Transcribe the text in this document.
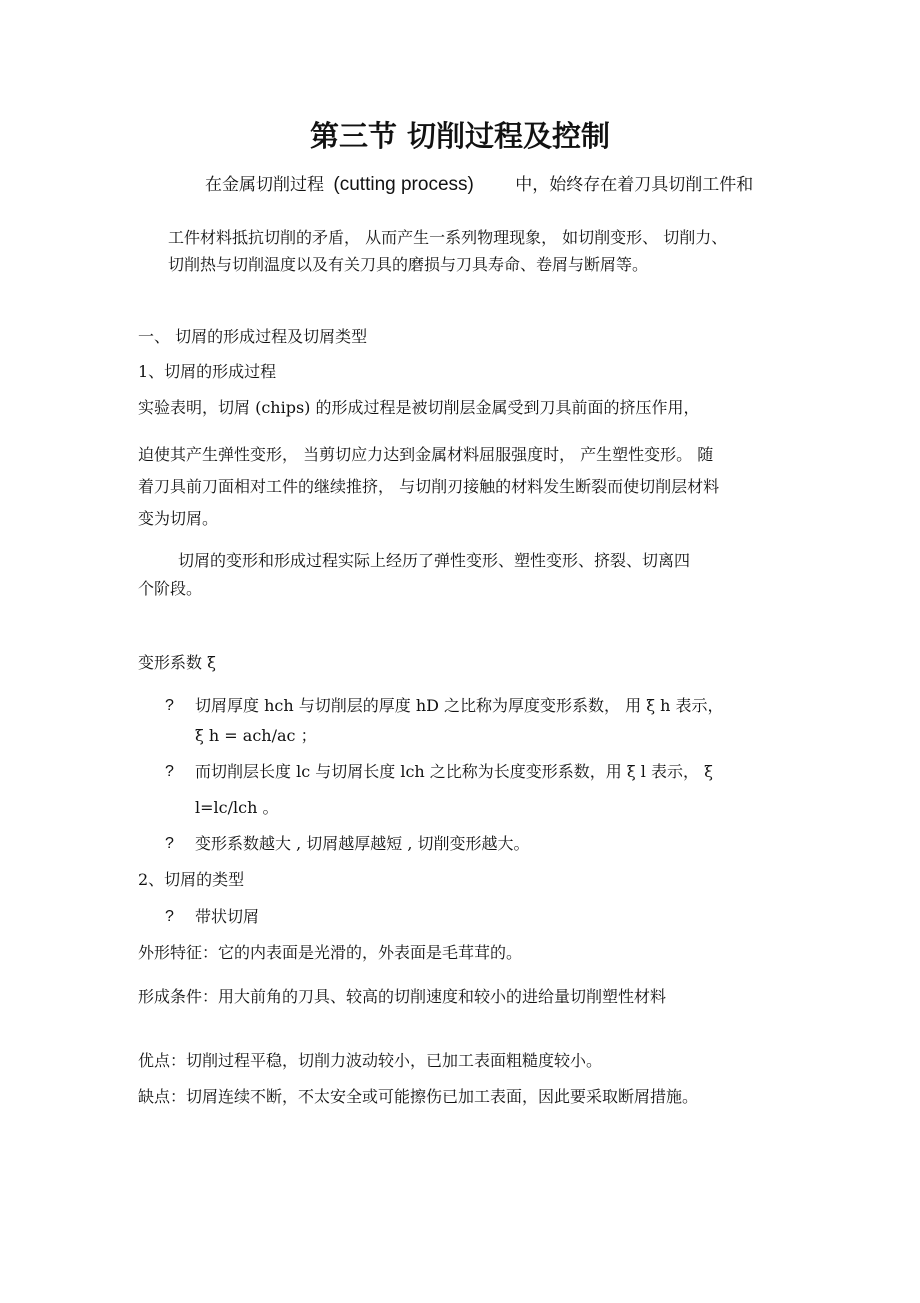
第三节 切削过程及控制

在金属切削过程 (cutting process) 中，始终存在着刀具切削工件和

工件材料抵抗切削的矛盾， 从而产生一系列物理现象， 如切削变形、 切削力、

切削热与切削温度以及有关刀具的磨损与刀具寿命、卷屑与断屑等。

一、 切屑的形成过程及切屑类型

1、切屑的形成过程

实验表明，切屑 (chips) 的形成过程是被切削层金属受到刀具前面的挤压作用，

迫使其产生弹性变形， 当剪切应力达到金属材料屈服强度时， 产生塑性变形。 随

着刀具前刀面相对工件的继续推挤， 与切削刃接触的材料发生断裂而使切削层材料

变为切屑。

切屑的变形和形成过程实际上经历了弹性变形、塑性变形、挤裂、切离四

个阶段。

变形系数 ξ

? 切屑厚度 hch 与切削层的厚度 hD 之比称为厚度变形系数， 用 ξ h 表示，

ξ h = ach/ac ；

? 而切削层长度 lc 与切屑长度 lch 之比称为长度变形系数，用 ξ l 表示， ξ

l=lc/lch 。

? 变形系数越大 , 切屑越厚越短 , 切削变形越大。

2、切屑的类型

? 带状切屑

外形特征：它的内表面是光滑的，外表面是毛茸茸的。

形成条件：用大前角的刀具、较高的切削速度和较小的进给量切削塑性材料

优点：切削过程平稳，切削力波动较小，已加工表面粗糙度较小。

缺点：切屑连续不断，不太安全或可能擦伤已加工表面，因此要采取断屑措施。
